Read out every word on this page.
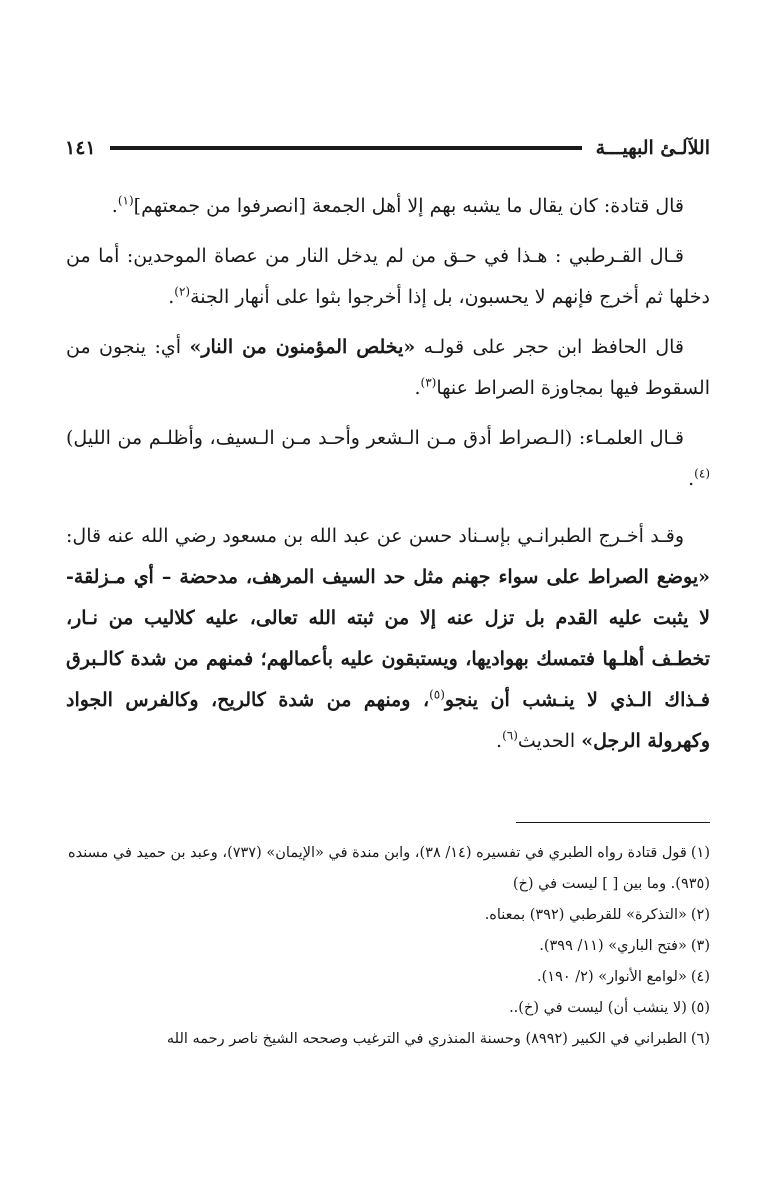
اللآلـئ البهيـــة
١٤١

قال قتادة: كان يقال ما يشبه بهم إلا أهل الجمعة [انصرفوا من جمعتهم]$^{(١)}$.

قـال القـرطبي : هـذا في حـق من لم يدخل النار من عصاة الموحدين: أما من دخلها ثم أخرج فإنهم لا يحسبون، بل إذا أخرجوا بثوا على أنهار الجنة$^{(٢)}$.

قال الحافظ ابن حجر على قولـه «يخلص المؤمنون من النار» أي: ينجون من السقوط فيها بمجاوزة الصراط عنها$^{(٣)}$.

قـال العلمـاء: (الـصراط أدق مـن الـشعر وأحـد مـن الـسيف، وأظلـم من الليل)$^{(٤)}$.

وقـد أخـرج الطبرانـي بإسـناد حسن عن عبد الله بن مسعود رضي الله عنه قال: «يوضع الصراط على سواء جهنم مثل حد السيف المرهف، مدحضة – أي مـزلقة- لا يثبت عليه القدم بل تزل عنه إلا من ثبته الله تعالى، عليه كلاليب من نـار، تخطـف أهلـها فتمسك بهواديها، ويستبقون عليه بأعمالهم؛ فمنهم من شدة كالـبرق فـذاك الـذي لا ينـشب أن ينجو$^{(٥)}$، ومنهم من شدة كالريح، وكالفرس الجواد وكهرولة الرجل» الحديث$^{(٦)}$.

(١)قول قتادة رواه الطبري في تفسيره (١٤/ ٣٨)، وابن مندة في «الإيمان» (٧٣٧)، وعبد بن حميد في مسنده (٩٣٥). وما بين [ ] ليست في (خ)

(٢)«التذكرة» للقرطبي (٣٩٢) بمعناه.

(٣)«فتح الباري» (١١/ ٣٩٩).

(٤)«لوامع الأنوار» (٢/ ١٩٠).

(٥)(لا ينشب أن) ليست في (خ)..

(٦)الطبراني في الكبير (٨٩٩٢) وحسنة المنذري في الترغيب وصححه الشيخ ناصر رحمه الله
